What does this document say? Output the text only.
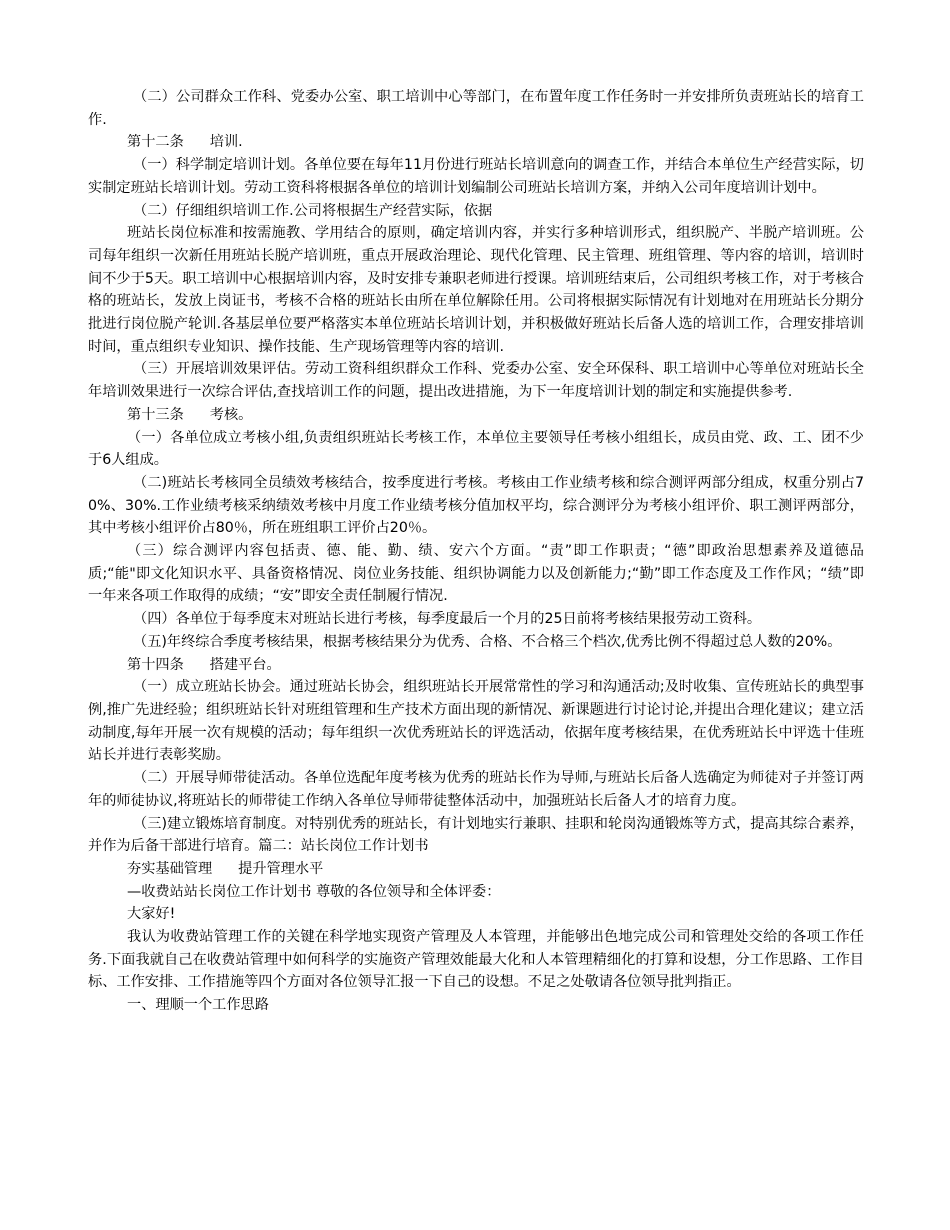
（二）公司群众工作科、党委办公室、职工培训中心等部门，在布置年度工作任务时一并安排所负责班站长的培育工作.

第十二条 培训.

（一）科学制定培训计划。各单位要在每年11月份进行班站长培训意向的调查工作，并结合本单位生产经营实际，切实制定班站长培训计划。劳动工资科将根据各单位的培训计划编制公司班站长培训方案，并纳入公司年度培训计划中。

（二）仔细组织培训工作.公司将根据生产经营实际，依据

班站长岗位标准和按需施教、学用结合的原则，确定培训内容，并实行多种培训形式，组织脱产、半脱产培训班。公司每年组织一次新任用班站长脱产培训班，重点开展政治理论、现代化管理、民主管理、班组管理、等内容的培训，培训时间不少于5天。职工培训中心根据培训内容，及时安排专兼职老师进行授课。培训班结束后，公司组织考核工作，对于考核合格的班站长，发放上岗证书，考核不合格的班站长由所在单位解除任用。公司将根据实际情况有计划地对在用班站长分期分批进行岗位脱产轮训.各基层单位要严格落实本单位班站长培训计划，并积极做好班站长后备人选的培训工作，合理安排培训时间，重点组织专业知识、操作技能、生产现场管理等内容的培训.

（三）开展培训效果评估。劳动工资科组织群众工作科、党委办公室、安全环保科、职工培训中心等单位对班站长全年培训效果进行一次综合评估,查找培训工作的问题，提出改进措施，为下一年度培训计划的制定和实施提供参考.

第十三条 考核。

（一）各单位成立考核小组,负责组织班站长考核工作，本单位主要领导任考核小组组长，成员由党、政、工、团不少于6人组成。

（二)班站长考核同全员绩效考核结合，按季度进行考核。考核由工作业绩考核和综合测评两部分组成，权重分别占70%、30%.工作业绩考核采纳绩效考核中月度工作业绩考核分值加权平均，综合测评分为考核小组评价、职工测评两部分，其中考核小组评价占80％，所在班组职工评价占20％。

（三）综合测评内容包括责、德、能、勤、绩、安六个方面。“责”即工作职责；“德”即政治思想素养及道德品质;“能"即文化知识水平、具备资格情况、岗位业务技能、组织协调能力以及创新能力;“勤”即工作态度及工作作风；“绩”即一年来各项工作取得的成绩；“安”即安全责任制履行情况.

（四）各单位于每季度末对班站长进行考核，每季度最后一个月的25日前将考核结果报劳动工资科。

（五)年终综合季度考核结果，根据考核结果分为优秀、合格、不合格三个档次,优秀比例不得超过总人数的20%。

第十四条 搭建平台。

（一）成立班站长协会。通过班站长协会，组织班站长开展常常性的学习和沟通活动;及时收集、宣传班站长的典型事例,推广先进经验；组织班站长针对班组管理和生产技术方面出现的新情况、新课题进行讨论讨论,并提出合理化建议；建立活动制度,每年开展一次有规模的活动；每年组织一次优秀班站长的评选活动，依据年度考核结果，在优秀班站长中评选十佳班站长并进行表彰奖励。

（二）开展导师带徒活动。各单位选配年度考核为优秀的班站长作为导师,与班站长后备人选确定为师徒对子并签订两年的师徒协议,将班站长的师带徒工作纳入各单位导师带徒整体活动中，加强班站长后备人才的培育力度。

（三)建立锻炼培育制度。对特别优秀的班站长，有计划地实行兼职、挂职和轮岗沟通锻炼等方式，提高其综合素养，并作为后备干部进行培育。篇二：站长岗位工作计划书

夯实基础管理 提升管理水平

—收费站站长岗位工作计划书 尊敬的各位领导和全体评委：

大家好!

我认为收费站管理工作的关键在科学地实现资产管理及人本管理，并能够出色地完成公司和管理处交给的各项工作任务.下面我就自己在收费站管理中如何科学的实施资产管理效能最大化和人本管理精细化的打算和设想，分工作思路、工作目标、工作安排、工作措施等四个方面对各位领导汇报一下自己的设想。不足之处敬请各位领导批判指正。

一、理顺一个工作思路
